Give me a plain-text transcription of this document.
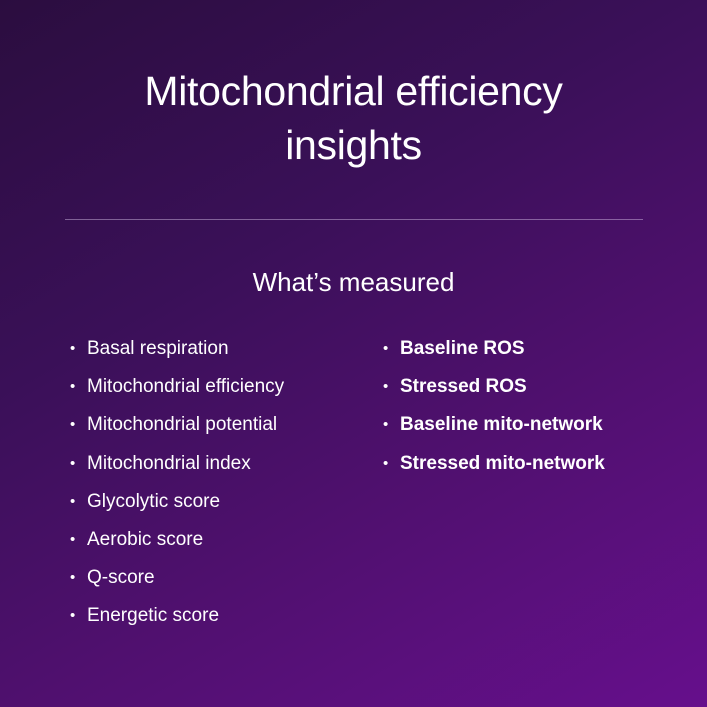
Mitochondrial efficiency
insights
What’s measured
• Basal respiration
• Mitochondrial efficiency
• Mitochondrial potential
• Mitochondrial index
• Glycolytic score
• Aerobic score
• Q-score
• Energetic score
• Baseline ROS
• Stressed ROS
• Baseline mito-network
• Stressed mito-network
